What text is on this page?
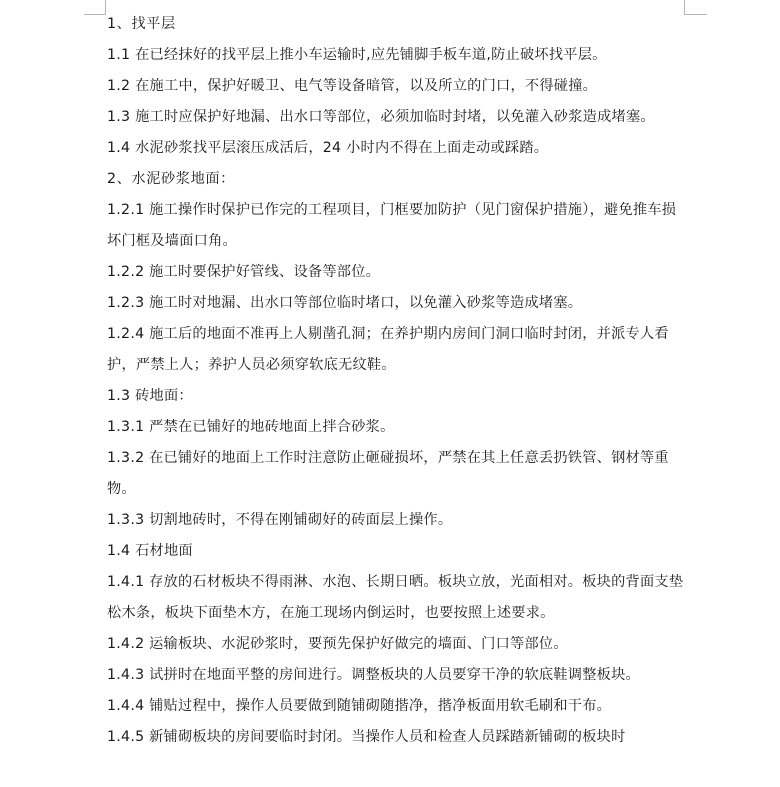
1、找平层

1.1 在已经抹好的找平层上推小车运输时,应先铺脚手板车道,防止破坏找平层。

1.2 在施工中，保护好暖卫、电气等设备暗管，以及所立的门口，不得碰撞。

1.3 施工时应保护好地漏、出水口等部位，必须加临时封堵，以免灌入砂浆造成堵塞。

1.4 水泥砂浆找平层滚压成活后，24 小时内不得在上面走动或踩踏。

2、水泥砂浆地面：

1.2.1 施工操作时保护已作完的工程项目，门框要加防护（见门窗保护措施），避免推车损坏门框及墙面口角。

1.2.2 施工时要保护好管线、设备等部位。

1.2.3 施工时对地漏、出水口等部位临时堵口，以免灌入砂浆等造成堵塞。

1.2.4 施工后的地面不准再上人剔凿孔洞；在养护期内房间门洞口临时封闭，并派专人看护，严禁上人；养护人员必须穿软底无纹鞋。

1.3 砖地面：

1.3.1 严禁在已铺好的地砖地面上拌合砂浆。

1.3.2 在已铺好的地面上工作时注意防止砸碰损坏，严禁在其上任意丢扔铁管、钢材等重物。

1.3.3 切割地砖时，不得在刚铺砌好的砖面层上操作。

1.4 石材地面

1.4.1 存放的石材板块不得雨淋、水泡、长期日晒。板块立放，光面相对。板块的背面支垫松木条，板块下面垫木方，在施工现场内倒运时，也要按照上述要求。

1.4.2 运输板块、水泥砂浆时，要预先保护好做完的墙面、门口等部位。

1.4.3 试拼时在地面平整的房间进行。调整板块的人员要穿干净的软底鞋调整板块。

1.4.4 铺贴过程中，操作人员要做到随铺砌随揩净，揩净板面用软毛刷和干布。

1.4.5 新铺砌板块的房间要临时封闭。当操作人员和检查人员踩踏新铺砌的板块时
